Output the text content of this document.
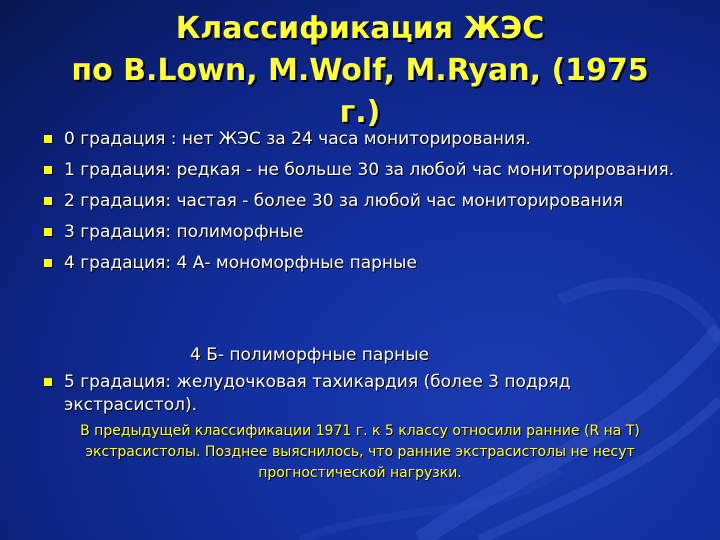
Классификация ЖЭС
по B.Lown, M.Wolf, M.Ryan, (1975
г.)
0 градация : нет ЖЭС за 24 часа мониторирования.
1 градация: редкая - не больше 30 за любой час мониторирования.
2 градация: частая - более 30 за любой час мониторирования
3 градация: полиморфные
4 градация: 4 А- мономорфные парные
4 Б- полиморфные парные
5 градация: желудочковая тахикардия (более 3 подряд экстрасистол).
В предыдущей классификации 1971 г. к 5 классу относили ранние (R на Т) экстрасистолы. Позднее выяснилось, что ранние экстрасистолы не несут прогностической нагрузки.
